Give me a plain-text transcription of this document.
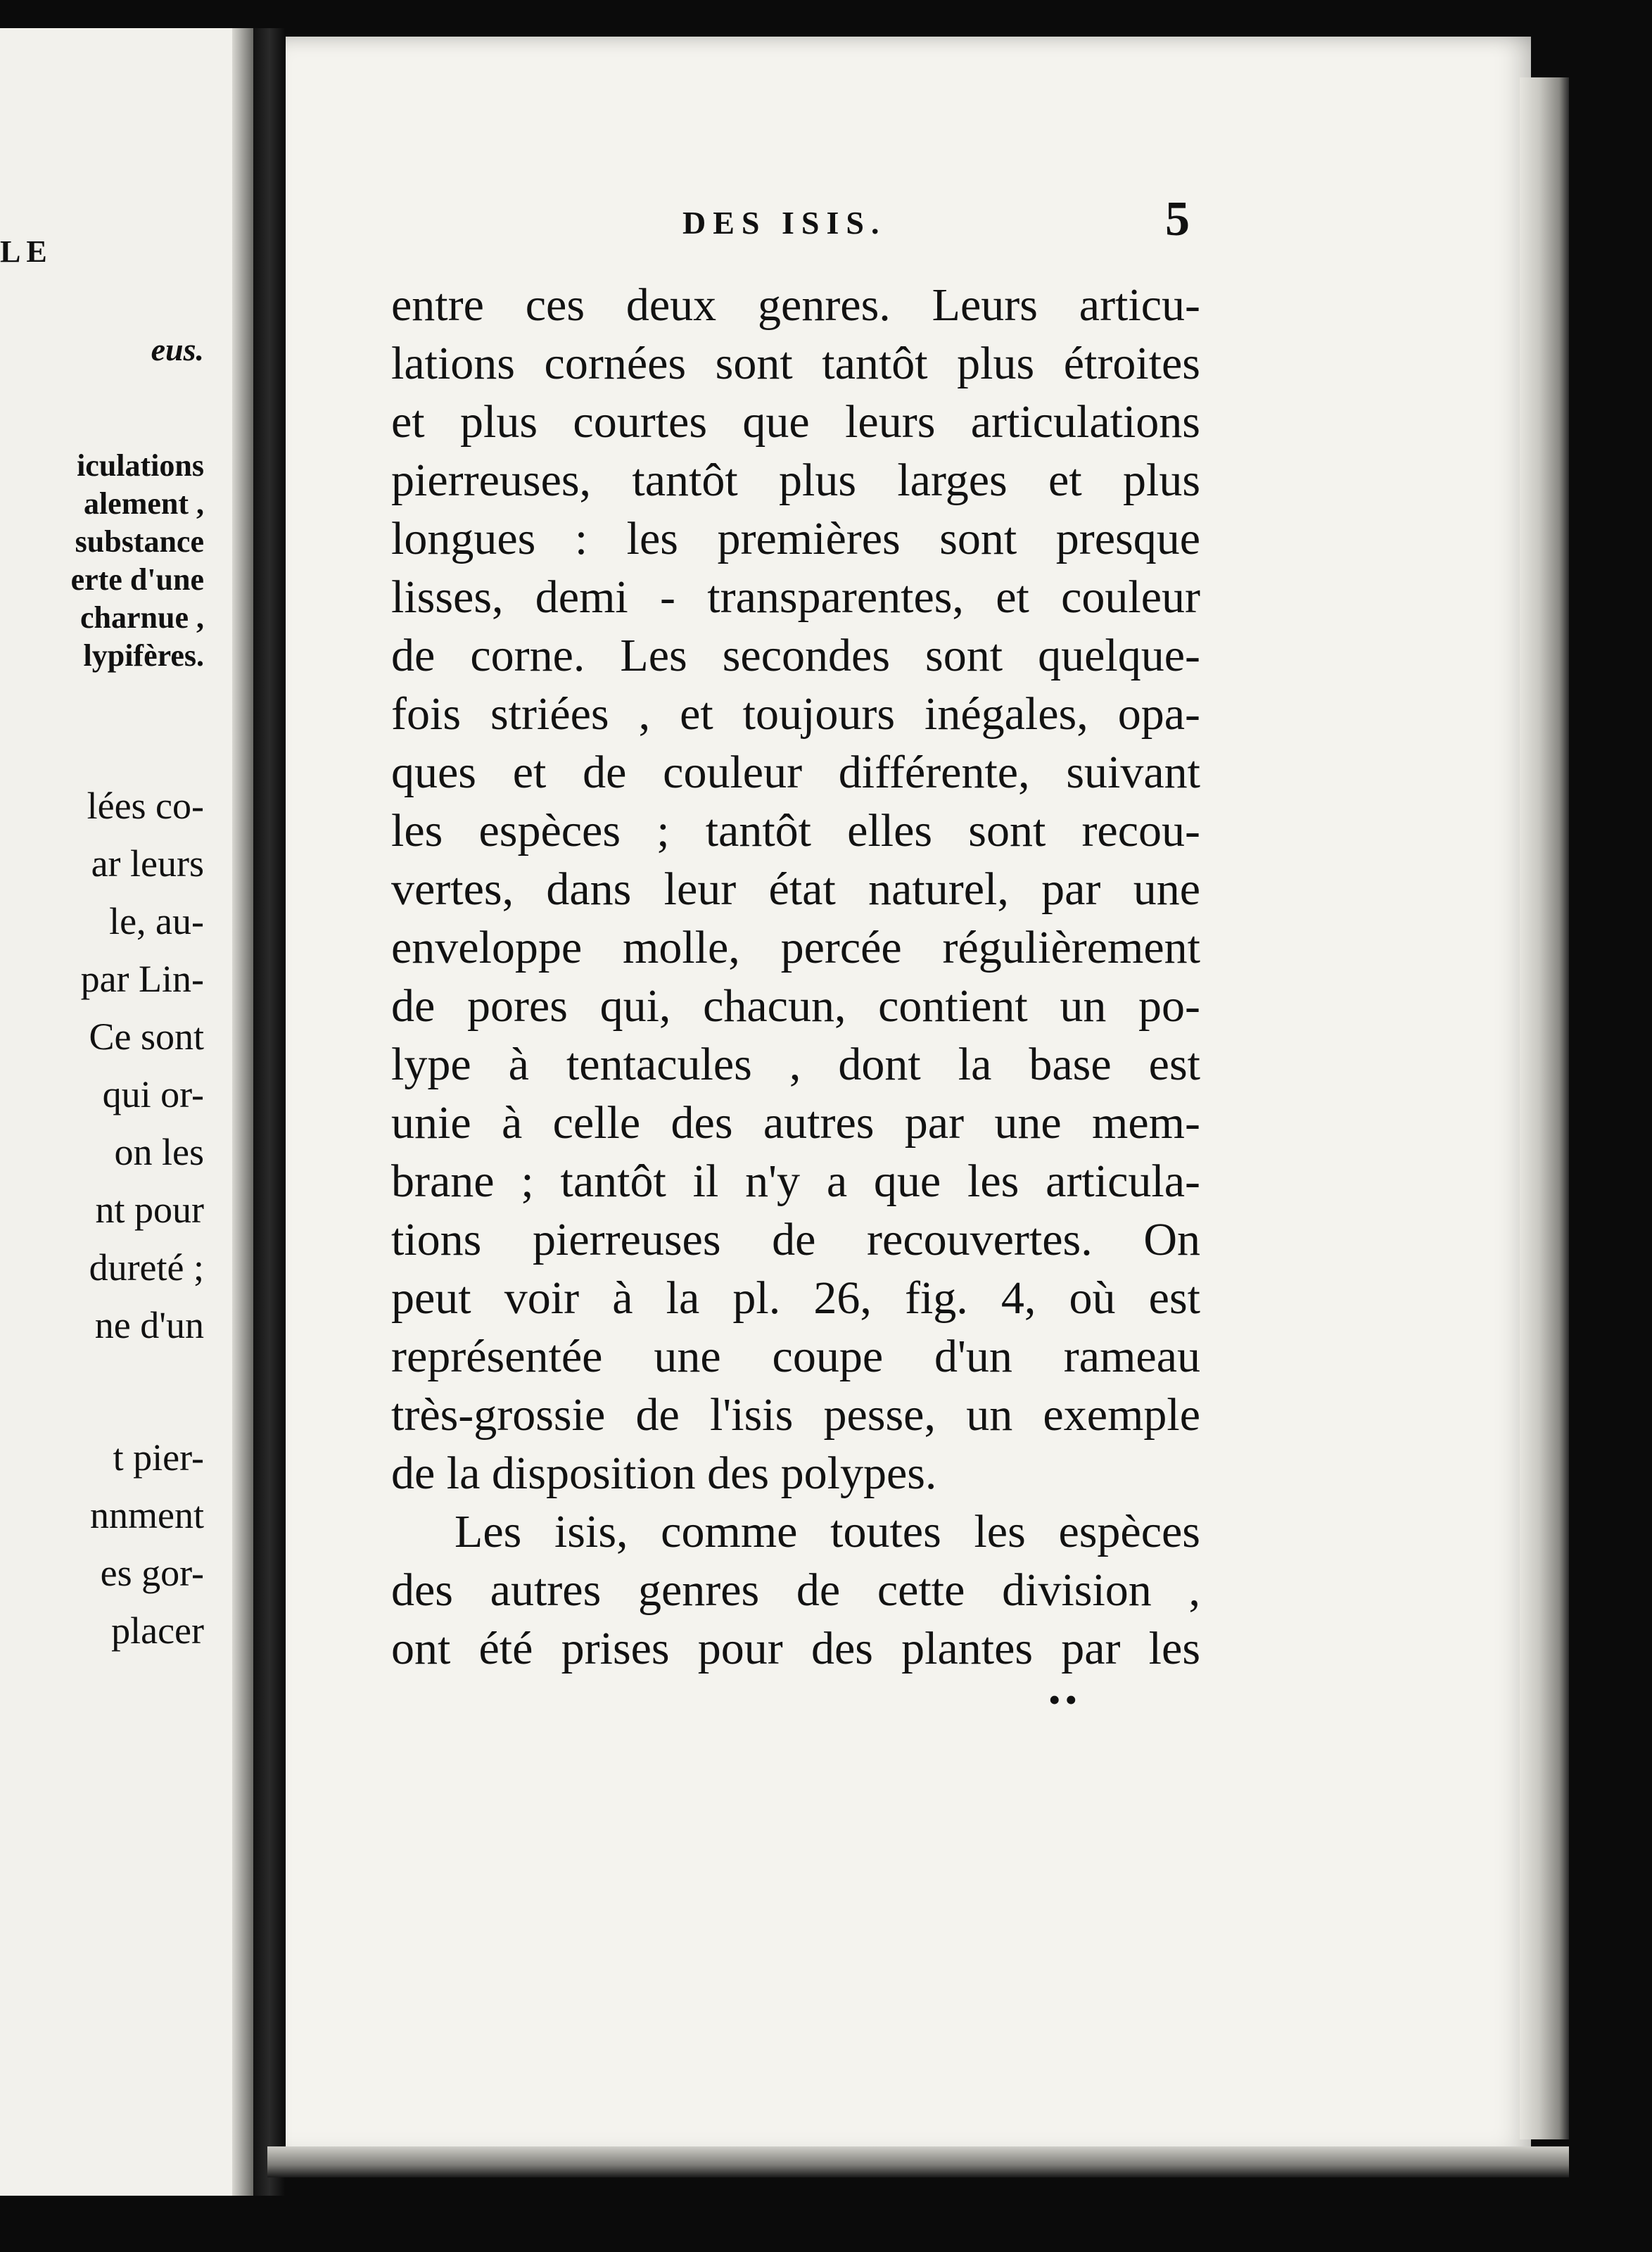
LE
eus.
iculations
alement ,
substance
erte d'une
charnue ,
lypifères.
lées co-
ar leurs
le, au-
par Lin-
Ce sont
qui or-
on les
nt pour
dureté ;
ne d'un
t pier-
nnment
es gor-
placer
DES ISIS.	5
entre ces deux genres. Leurs articu-
lations cornées sont tantôt plus étroites
et plus courtes que leurs articulations
pierreuses, tantôt plus larges et plus
longues : les premières sont presque
lisses, demi - transparentes, et couleur
de corne. Les secondes sont quelque-
fois striées , et toujours inégales, opa-
ques et de couleur différente, suivant
les espèces ; tantôt elles sont recou-
vertes, dans leur état naturel, par une
enveloppe molle, percée régulièrement
de pores qui, chacun, contient un po-
lype à tentacules , dont la base est
unie à celle des autres par une mem-
brane ; tantôt il n'y a que les articula-
tions pierreuses de recouvertes. On
peut voir à la pl. 26, fig. 4, où est
représentée une coupe d'un rameau
très-grossie de l'isis pesse, un exemple
de la disposition des polypes.
Les isis, comme toutes les espèces
des autres genres de cette division ,
ont été prises pour des plantes par les
••
